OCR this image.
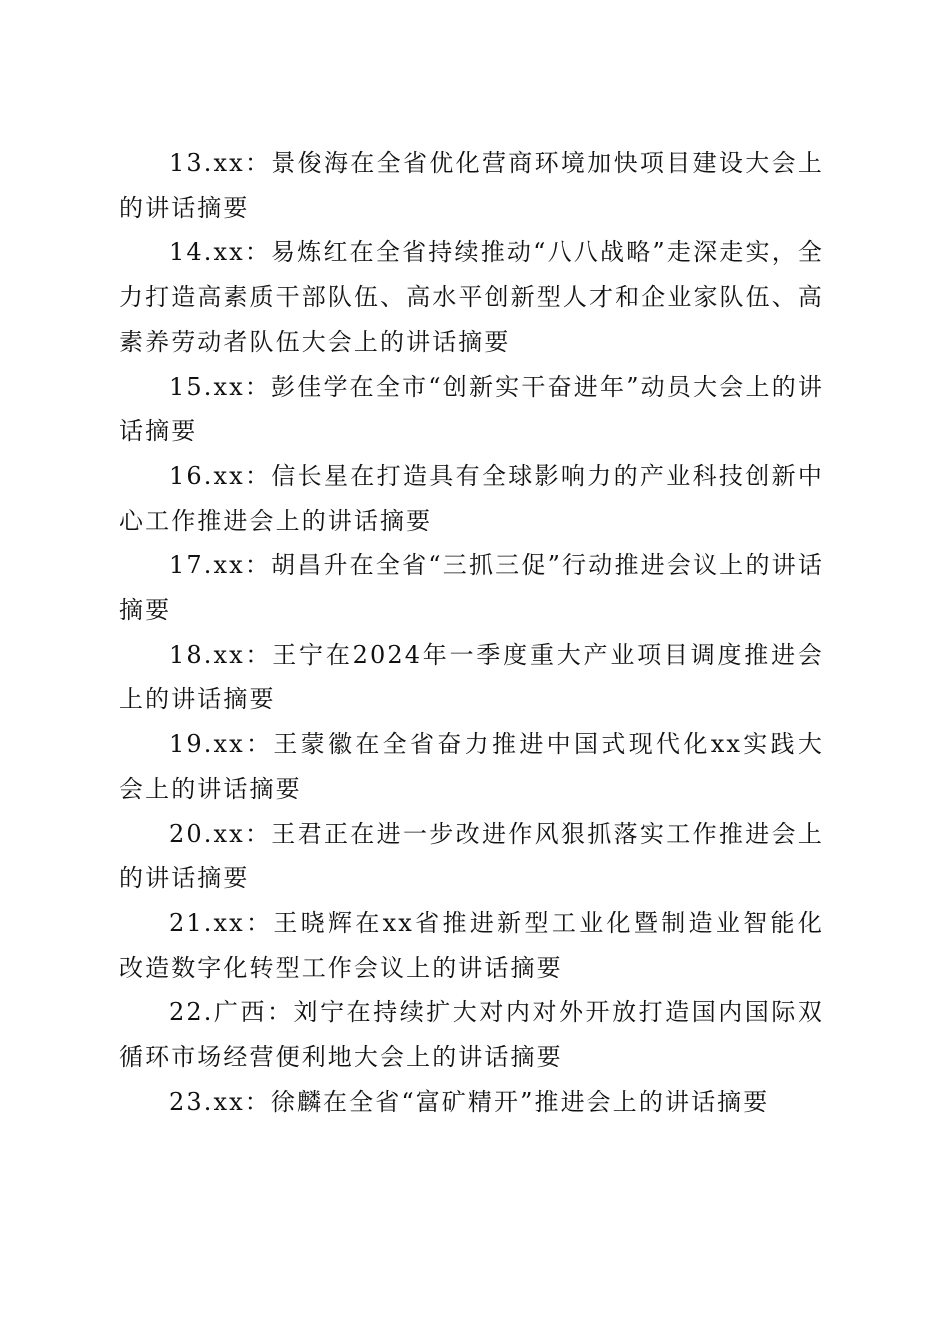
13.xx：景俊海在全省优化营商环境加快项目建设大会上的讲话摘要

14.xx：易炼红在全省持续推动“八八战略”走深走实，全力打造高素质干部队伍、高水平创新型人才和企业家队伍、高素养劳动者队伍大会上的讲话摘要

15.xx：彭佳学在全市“创新实干奋进年”动员大会上的讲话摘要

16.xx：信长星在打造具有全球影响力的产业科技创新中心工作推进会上的讲话摘要

17.xx：胡昌升在全省“三抓三促”行动推进会议上的讲话摘要

18.xx：王宁在2024年一季度重大产业项目调度推进会上的讲话摘要

19.xx：王蒙徽在全省奋力推进中国式现代化xx实践大会上的讲话摘要

20.xx：王君正在进一步改进作风狠抓落实工作推进会上的讲话摘要

21.xx：王晓辉在xx省推进新型工业化暨制造业智能化改造数字化转型工作会议上的讲话摘要

22.广西：刘宁在持续扩大对内对外开放打造国内国际双循环市场经营便利地大会上的讲话摘要

23.xx：徐麟在全省“富矿精开”推进会上的讲话摘要
